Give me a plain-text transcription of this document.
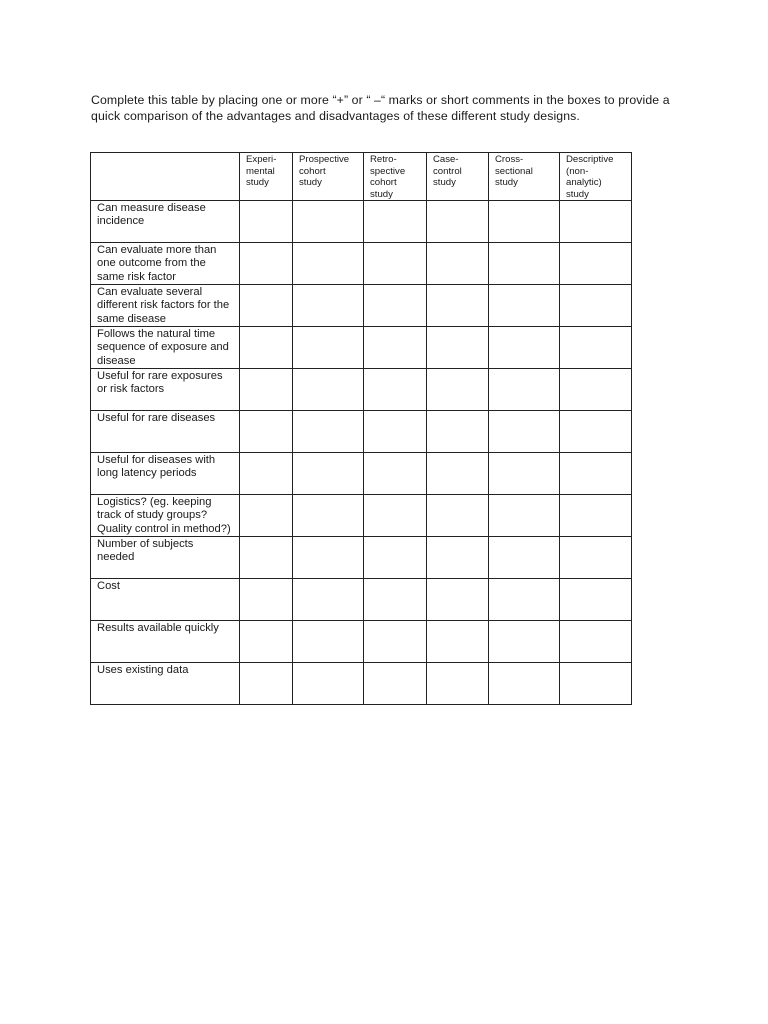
Complete this table by placing one or more “+” or “ –“ marks or short comments in the boxes to provide a
quick comparison of the advantages and disadvantages of these different study designs.

	Experi-
mental
study	Prospective
cohort
study	Retro-
spective
cohort
study	Case-
control
study	Cross-
sectional
study	Descriptive
(non-
analytic)
study

Can measure disease
incidence						

Can evaluate more than
one outcome from the
same risk factor						

Can evaluate several
different risk factors for the
same disease						

Follows the natural time
sequence of exposure and
disease						

Useful for rare exposures
or risk factors						

Useful for rare diseases						

Useful for diseases with
long latency periods						

Logistics? (eg. keeping
track of study groups?
Quality control in method?)						

Number of subjects
needed						

Cost						

Results available quickly						

Uses existing data						
